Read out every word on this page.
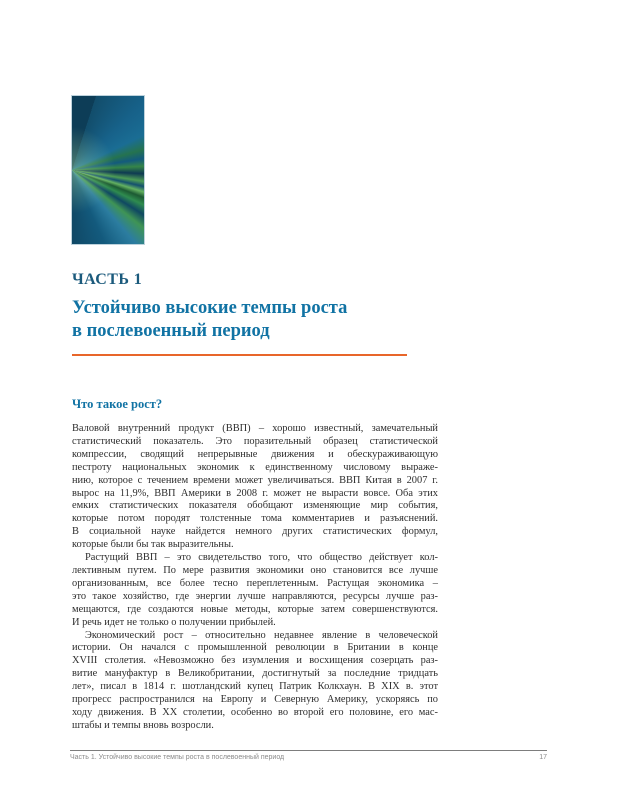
ЧАСТЬ 1
Устойчиво высокие темпы роста
в послевоенный период
Что такое рост?
Валовой внутренний продукт (ВВП) – хорошо известный, замечательный
статистический показатель. Это поразительный образец статистической
компрессии, сводящий непрерывные движения и обескураживающую
пестроту национальных экономик к единственному числовому выраже-
нию, которое с течением времени может увеличиваться. ВВП Китая в 2007 г.
вырос на 11,9%, ВВП Америки в 2008 г. может не вырасти вовсе. Оба этих
емких статистических показателя обобщают изменяющие мир события,
которые потом породят толстенные тома комментариев и разъяснений.
В социальной науке найдется немного других статистических формул,
которые были бы так выразительны.
Растущий ВВП – это свидетельство того, что общество действует кол-
лективным путем. По мере развития экономики оно становится все лучше
организованным, все более тесно переплетенным. Растущая экономика –
это такое хозяйство, где энергии лучше направляются, ресурсы лучше раз-
мещаются, где создаются новые методы, которые затем совершенствуются.
И речь идет не только о получении прибылей.
Экономический рост – относительно недавнее явление в человеческой
истории. Он начался с промышленной революции в Британии в конце
XVIII столетия. «Невозможно без изумления и восхищения созерцать раз-
витие мануфактур в Великобритании, достигнутый за последние тридцать
лет», писал в 1814 г. шотландский купец Патрик Колкхаун. В XIX в. этот
прогресс распространился на Европу и Северную Америку, ускоряясь по
ходу движения. В XX столетии, особенно во второй его половине, его мас-
штабы и темпы вновь возросли.
Часть 1. Устойчиво высокие темпы роста в послевоенный период	17
